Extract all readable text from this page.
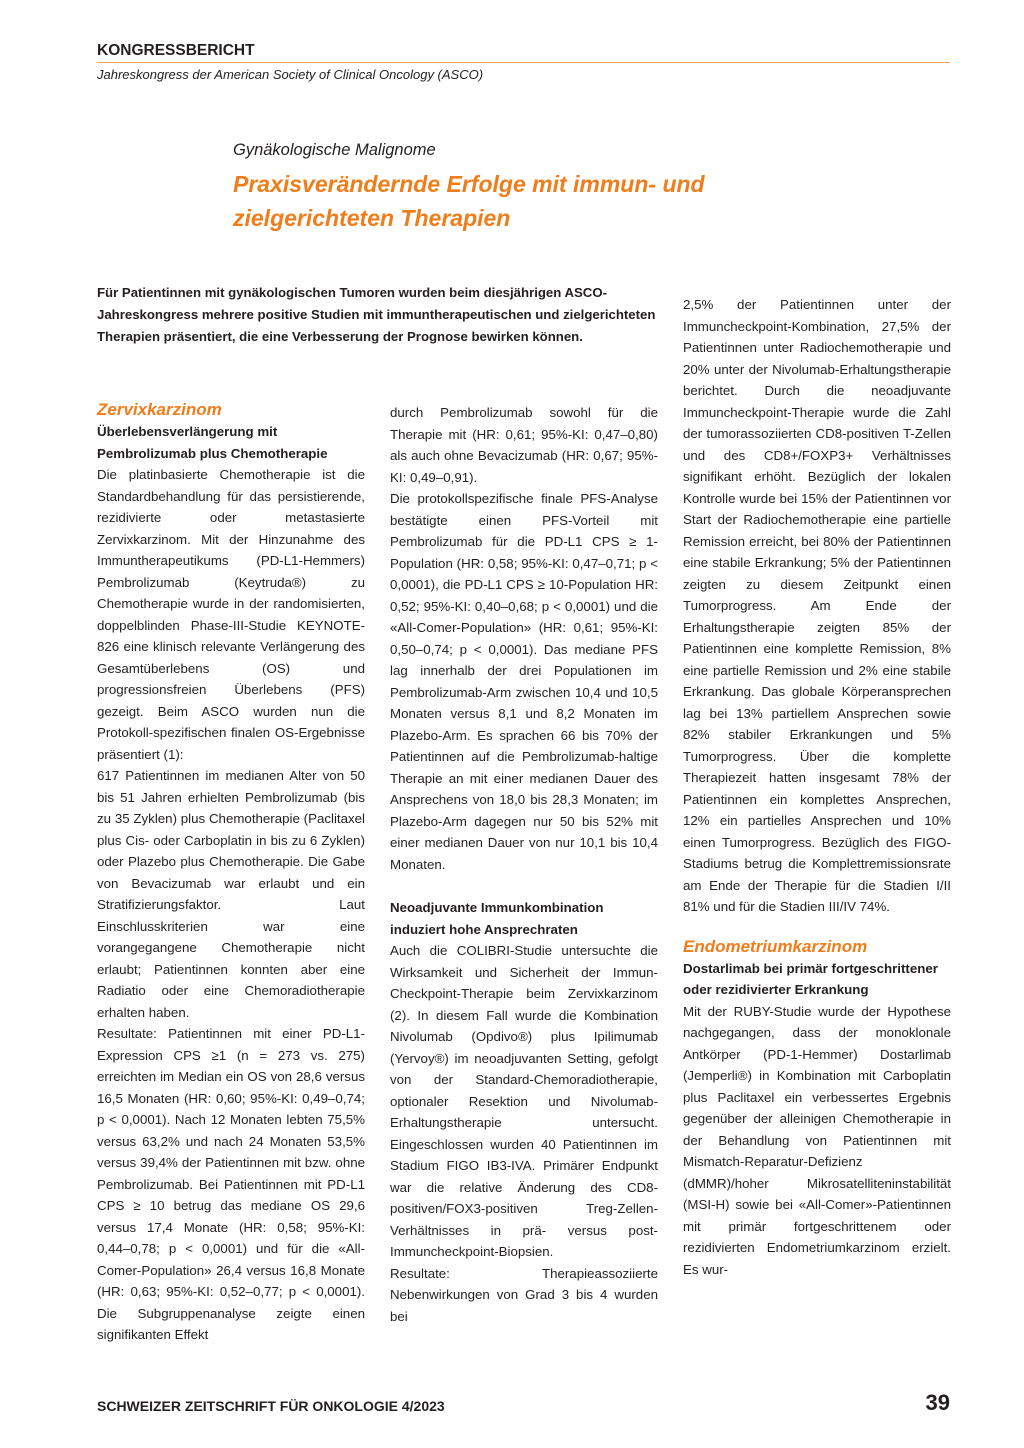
KONGRESSBERICHT
Jahreskongress der American Society of Clinical Oncology (ASCO)
Gynäkologische Malignome
Praxisverändernde Erfolge mit immun- und zielgerichteten Therapien

Für Patientinnen mit gynäkologischen Tumoren wurden beim diesjährigen ASCO-Jahreskongress mehrere positive Studien mit immuntherapeutischen und zielgerichteten Therapien präsentiert, die eine Verbesserung der Prognose bewirken können.

Zervixkarzinom

Überlebensverlängerung mit Pembrolizumab plus Chemotherapie

Die platinbasierte Chemotherapie ist die Standardbehandlung für das persistierende, rezidivierte oder metastasierte Zervixkarzinom. Mit der Hinzunahme des Immuntherapeutikums (PD-L1-Hemmers) Pembrolizumab (Keytruda®) zu Chemotherapie wurde in der randomisierten, doppelblinden Phase-III-Studie KEYNOTE-826 eine klinisch relevante Verlängerung des Gesamtüberlebens (OS) und progressionsfreien Überlebens (PFS) gezeigt. Beim ASCO wurden nun die Protokoll-spezifischen finalen OS-Ergebnisse präsentiert (1):

617 Patientinnen im medianen Alter von 50 bis 51 Jahren erhielten Pembrolizumab (bis zu 35 Zyklen) plus Chemotherapie (Paclitaxel plus Cis- oder Carboplatin in bis zu 6 Zyklen) oder Plazebo plus Chemotherapie. Die Gabe von Bevacizumab war erlaubt und ein Stratifizierungsfaktor. Laut Einschlusskriterien war eine vorangegangene Chemotherapie nicht erlaubt; Patientinnen konnten aber eine Radiatio oder eine Chemoradiotherapie erhalten haben.

Resultate: Patientinnen mit einer PD-L1-Expression CPS ≥1 (n = 273 vs. 275) erreichten im Median ein OS von 28,6 versus 16,5 Monaten (HR: 0,60; 95%-KI: 0,49–0,74; p < 0,0001). Nach 12 Monaten lebten 75,5% versus 63,2% und nach 24 Monaten 53,5% versus 39,4% der Patientinnen mit bzw. ohne Pembrolizumab. Bei Patientinnen mit PD-L1 CPS ≥ 10 betrug das mediane OS 29,6 versus 17,4 Monate (HR: 0,58; 95%-KI: 0,44–0,78; p < 0,0001) und für die «All-Comer-Population» 26,4 versus 16,8 Monate (HR: 0,63; 95%-KI: 0,52–0,77; p < 0,0001). Die Subgruppenanalyse zeigte einen signifikanten Effekt

durch Pembrolizumab sowohl für die Therapie mit (HR: 0,61; 95%-KI: 0,47–0,80) als auch ohne Bevacizumab (HR: 0,67; 95%-KI: 0,49–0,91).

Die protokollspezifische finale PFS-Analyse bestätigte einen PFS-Vorteil mit Pembrolizumab für die PD-L1 CPS ≥ 1-Population (HR: 0,58; 95%-KI: 0,47–0,71; p < 0,0001), die PD-L1 CPS ≥ 10-Population HR: 0,52; 95%-KI: 0,40–0,68; p < 0,0001) und die «All-Comer-Population» (HR: 0,61; 95%-KI: 0,50–0,74; p < 0,0001). Das mediane PFS lag innerhalb der drei Populationen im Pembrolizumab-Arm zwischen 10,4 und 10,5 Monaten versus 8,1 und 8,2 Monaten im Plazebo-Arm. Es sprachen 66 bis 70% der Patientinnen auf die Pembrolizumab-haltige Therapie an mit einer medianen Dauer des Ansprechens von 18,0 bis 28,3 Monaten; im Plazebo-Arm dagegen nur 50 bis 52% mit einer medianen Dauer von nur 10,1 bis 10,4 Monaten.

Neoadjuvante Immunkombination induziert hohe Ansprechraten

Auch die COLIBRI-Studie untersuchte die Wirksamkeit und Sicherheit der Immun-Checkpoint-Therapie beim Zervixkarzinom (2). In diesem Fall wurde die Kombination Nivolumab (Opdivo®) plus Ipilimumab (Yervoy®) im neoadjuvanten Setting, gefolgt von der Standard-Chemoradiotherapie, optionaler Resektion und Nivolumab-Erhaltungstherapie untersucht. Eingeschlossen wurden 40 Patientinnen im Stadium FIGO IB3-IVA. Primärer Endpunkt war die relative Änderung des CD8-positiven/FOX3-positiven Treg-Zellen-Verhältnisses in prä- versus post-Immuncheckpoint-Biopsien.

Resultate: Therapieassoziierte Nebenwirkungen von Grad 3 bis 4 wurden bei

2,5% der Patientinnen unter der Immuncheckpoint-Kombination, 27,5% der Patientinnen unter Radiochemotherapie und 20% unter der Nivolumab-Erhaltungstherapie berichtet. Durch die neoadjuvante Immuncheckpoint-Therapie wurde die Zahl der tumorassoziierten CD8-positiven T-Zellen und des CD8+/FOXP3+ Verhältnisses signifikant erhöht. Bezüglich der lokalen Kontrolle wurde bei 15% der Patientinnen vor Start der Radiochemotherapie eine partielle Remission erreicht, bei 80% der Patientinnen eine stabile Erkrankung; 5% der Patientinnen zeigten zu diesem Zeitpunkt einen Tumorprogress. Am Ende der Erhaltungstherapie zeigten 85% der Patientinnen eine komplette Remission, 8% eine partielle Remission und 2% eine stabile Erkrankung. Das globale Körperansprechen lag bei 13% partiellem Ansprechen sowie 82% stabiler Erkrankungen und 5% Tumorprogress. Über die komplette Therapiezeit hatten insgesamt 78% der Patientinnen ein komplettes Ansprechen, 12% ein partielles Ansprechen und 10% einen Tumorprogress. Bezüglich des FIGO-Stadiums betrug die Komplettremissionsrate am Ende der Therapie für die Stadien I/II 81% und für die Stadien III/IV 74%.

Endometriumkarzinom

Dostarlimab bei primär fortgeschrittener oder rezidivierter Erkrankung

Mit der RUBY-Studie wurde der Hypothese nachgegangen, dass der monoklonale Antkörper (PD-1-Hemmer) Dostarlimab (Jemperli®) in Kombination mit Carboplatin plus Paclitaxel ein verbessertes Ergebnis gegenüber der alleinigen Chemotherapie in der Behandlung von Patientinnen mit Mismatch-Reparatur-Defizienz (dMMR)/hoher Mikrosatelliteninstabilität (MSI-H) sowie bei «All-Comer»-Patientinnen mit primär fortgeschrittenem oder rezidivierten Endometriumkarzinom erzielt. Es wur-

SCHWEIZER ZEITSCHRIFT FÜR ONKOLOGIE 4/2023	39
